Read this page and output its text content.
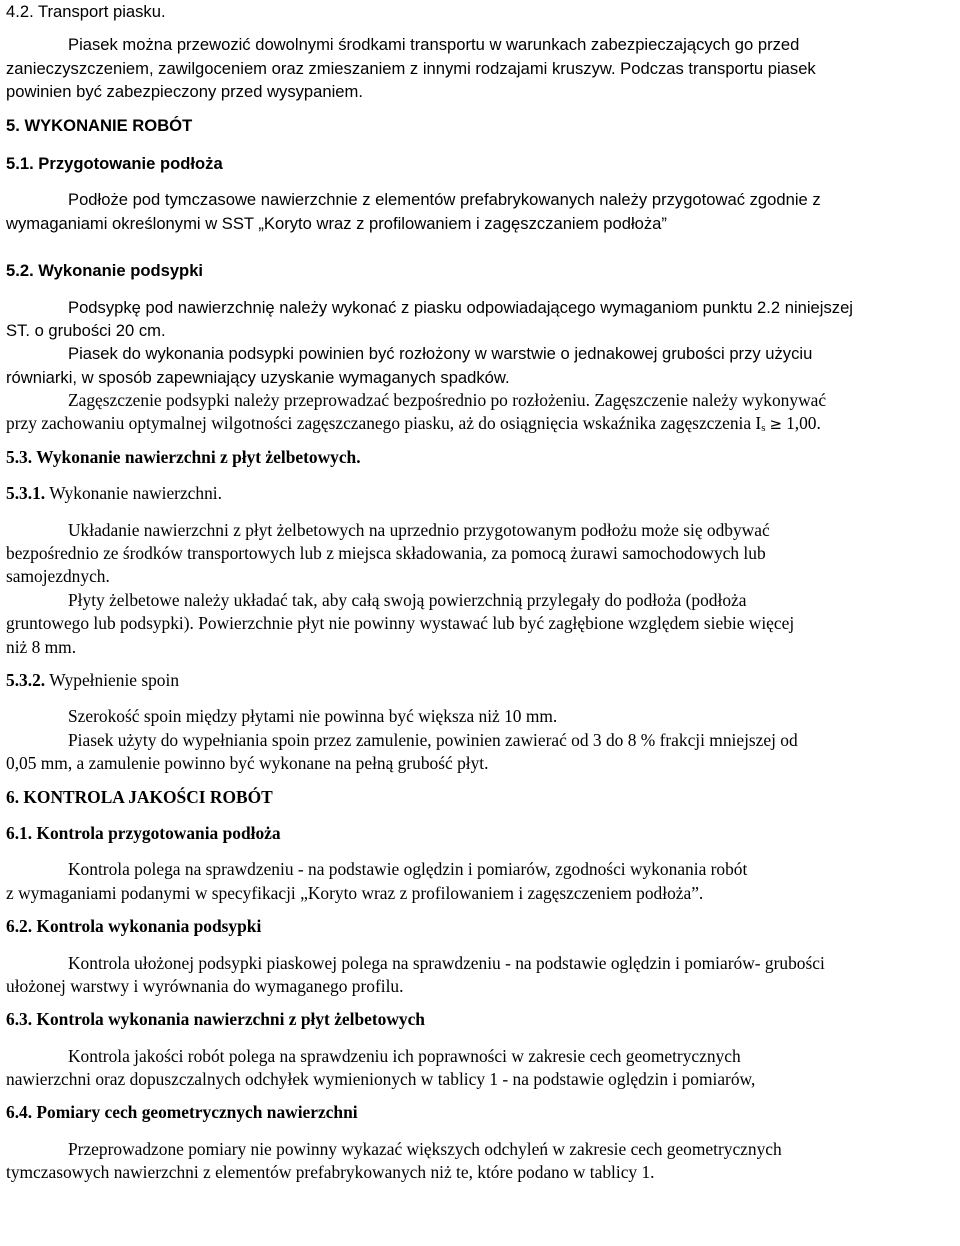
4.2. Transport piasku.
Piasek można przewozić dowolnymi środkami transportu w warunkach zabezpieczających go przed
zanieczyszczeniem, zawilgoceniem oraz zmieszaniem z innymi rodzajami kruszyw. Podczas transportu piasek
powinien być zabezpieczony przed wysypaniem.
5. WYKONANIE ROBÓT
5.1. Przygotowanie podłoża
Podłoże pod tymczasowe nawierzchnie z elementów prefabrykowanych należy przygotować zgodnie z
wymaganiami określonymi w SST „Koryto wraz z profilowaniem i zagęszczaniem podłoża”
5.2. Wykonanie podsypki
Podsypkę pod nawierzchnię należy wykonać z piasku odpowiadającego wymaganiom punktu 2.2 niniejszej
ST. o grubości 20 cm.
Piasek do wykonania podsypki powinien być rozłożony w warstwie o jednakowej grubości przy użyciu
równiarki, w sposób zapewniający uzyskanie wymaganych spadków.
Zagęszczenie podsypki należy przeprowadzać bezpośrednio po rozłożeniu. Zagęszczenie należy wykonywać
przy zachowaniu optymalnej wilgotności zagęszczanego piasku, aż do osiągnięcia wskaźnika zagęszczenia $I_s \ge 1,00$.
5.3. Wykonanie nawierzchni z płyt żelbetowych.
5.3.1. Wykonanie nawierzchni.
Układanie nawierzchni z płyt żelbetowych na uprzednio przygotowanym podłożu może się odbywać
bezpośrednio ze środków transportowych lub z miejsca składowania, za pomocą żurawi samochodowych lub
samojezdnych.
Płyty żelbetowe należy układać tak, aby całą swoją powierzchnią przylegały do podłoża (podłoża
gruntowego lub podsypki). Powierzchnie płyt nie powinny wystawać lub być zagłębione względem siebie więcej
niż 8 mm.
5.3.2. Wypełnienie spoin
Szerokość spoin między płytami nie powinna być większa niż 10 mm.
Piasek użyty do wypełniania spoin przez zamulenie, powinien zawierać od 3 do 8 % frakcji mniejszej od
0,05 mm, a zamulenie powinno być wykonane na pełną grubość płyt.
6. KONTROLA JAKOŚCI ROBÓT
6.1. Kontrola przygotowania podłoża
Kontrola polega na sprawdzeniu - na podstawie oględzin i pomiarów, zgodności wykonania robót
z wymaganiami podanymi w specyfikacji „Koryto wraz z profilowaniem i zagęszczeniem podłoża”.
6.2. Kontrola wykonania podsypki
Kontrola ułożonej podsypki piaskowej polega na sprawdzeniu - na podstawie oględzin i pomiarów- grubości
ułożonej warstwy i wyrównania do wymaganego profilu.
6.3. Kontrola wykonania nawierzchni z płyt żelbetowych
Kontrola jakości robót polega na sprawdzeniu ich poprawności w zakresie cech geometrycznych
nawierzchni oraz dopuszczalnych odchyłek wymienionych w tablicy 1 - na podstawie oględzin i pomiarów,
6.4. Pomiary cech geometrycznych nawierzchni
Przeprowadzone pomiary nie powinny wykazać większych odchyleń w zakresie cech geometrycznych
tymczasowych nawierzchni z elementów prefabrykowanych niż te, które podano w tablicy 1.
